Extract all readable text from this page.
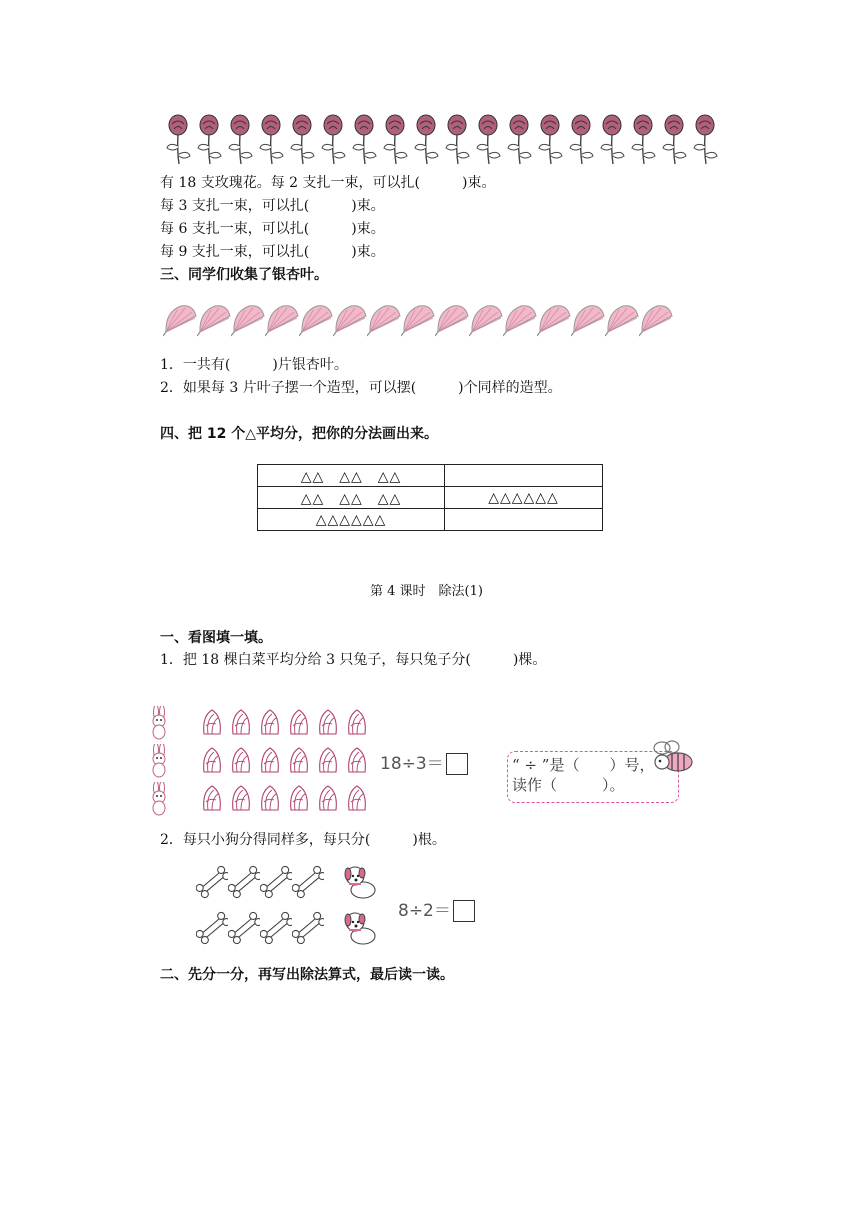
有 18 支玫瑰花。每 2 支扎一束，可以扎(　　　)束。
每 3 支扎一束，可以扎(　　　)束。
每 6 支扎一束，可以扎(　　　)束。
每 9 支扎一束，可以扎(　　　)束。
三、同学们收集了银杏叶。
1．一共有(　　　)片银杏叶。
2．如果每 3 片叶子摆一个造型，可以摆(　　　)个同样的造型。
四、把 12 个△平均分，把你的分法画出来。
△△　△△　△△	
△△　△△　△△	△△△△△△
△△△△△△	
第 4 课时　除法(1)
一、看图填一填。
1．把 18 棵白菜平均分给 3 只兔子，每只兔子分(　　　)棵。
18÷3＝	“ ÷ ”是（　　）号，
读作（　　　）。
2．每只小狗分得同样多，每只分(　　　)根。
8÷2＝
二、先分一分，再写出除法算式，最后读一读。
